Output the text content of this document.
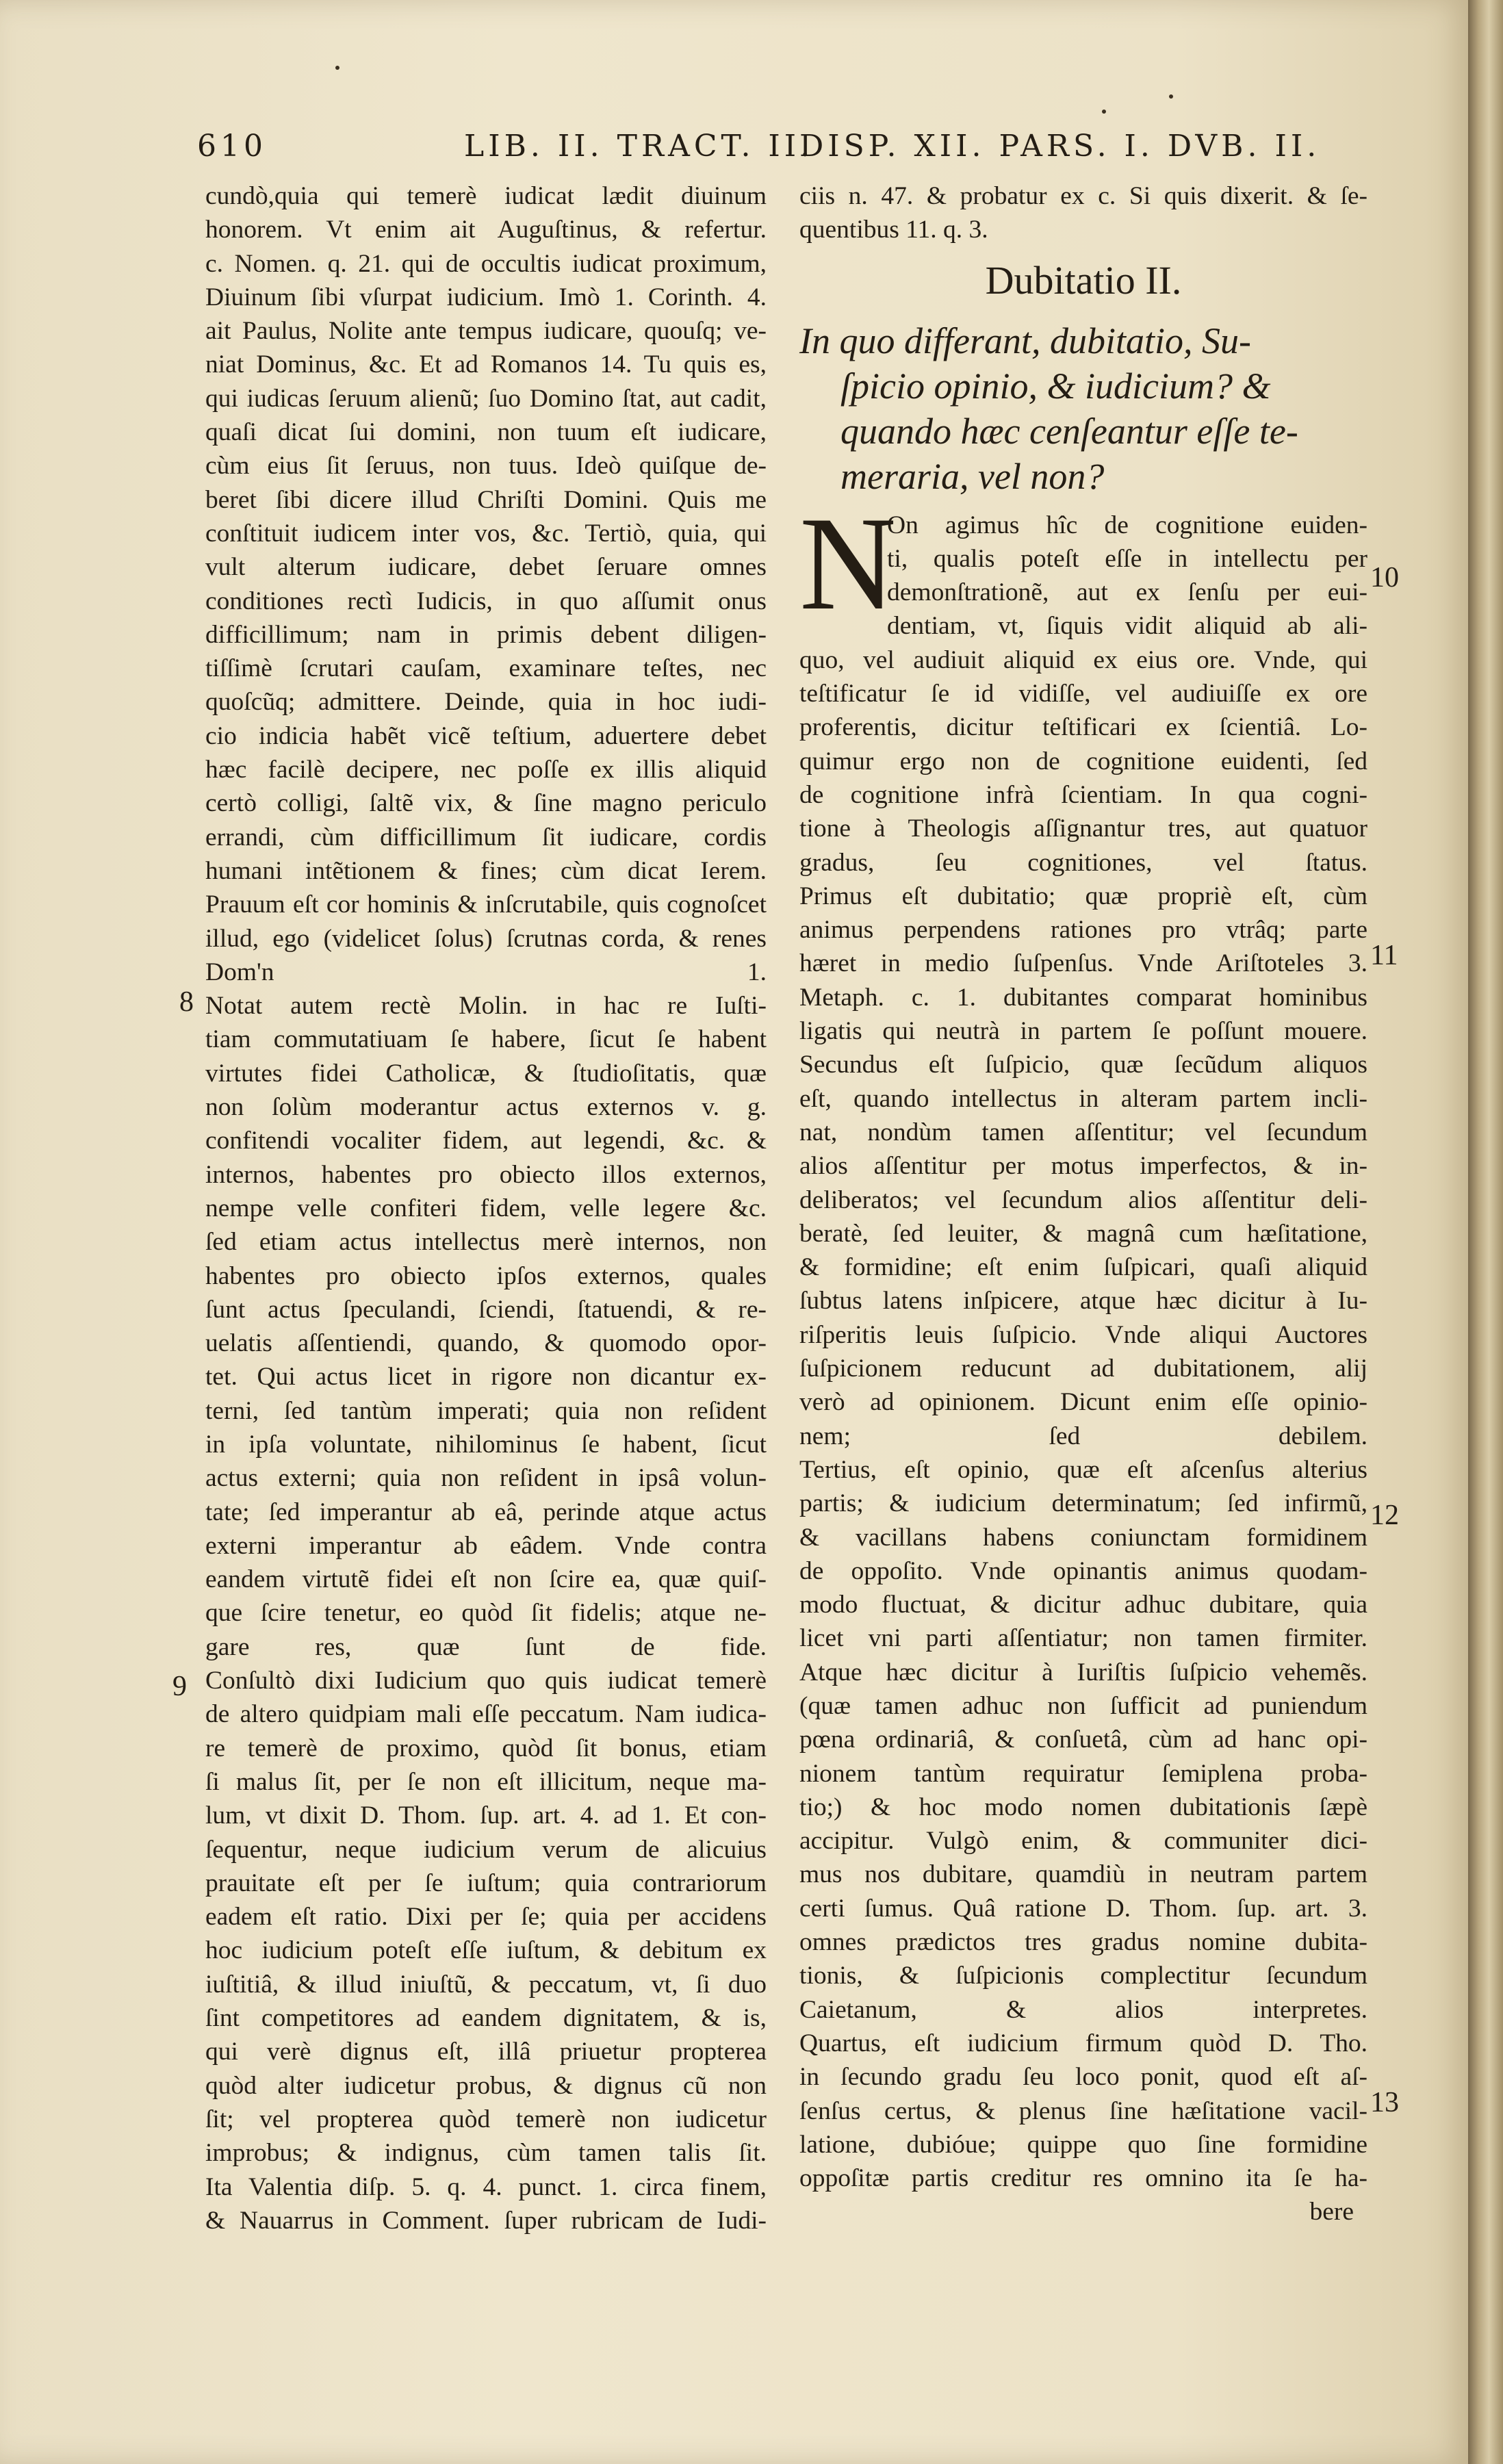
610	LIB. II. TRACT. II.
DISP. XII. PARS. I. DVB. II.
cundò,quia qui temerè iudicat lædit diuinum
honorem. Vt enim ait Auguſtinus, & refertur.
c. Nomen. q. 21. qui de occultis iudicat proximum,
Diuinum ſibi vſurpat iudicium. Imò 1. Corinth. 4.
ait Paulus, Nolite ante tempus iudicare, quouſq; ve-
niat Dominus, &c. Et ad Romanos 14. Tu quis es,
qui iudicas ſeruum alienũ; ſuo Domino ſtat, aut cadit,
quaſi dicat ſui domini, non tuum eſt iudicare,
cùm eius ſit ſeruus, non tuus. Ideò quiſque de-
beret ſibi dicere illud Chriſti Domini. Quis me
conſtituit iudicem inter vos, &c. Tertiò, quia, qui
vult alterum iudicare, debet ſeruare omnes
conditiones rectì Iudicis, in quo aſſumit onus
difficillimum; nam in primis debent diligen-
tiſſimè ſcrutari cauſam, examinare teſtes, nec
quoſcũq; admittere. Deinde, quia in hoc iudi-
cio indicia habẽt vicẽ teſtium, aduertere debet
hæc facilè decipere, nec poſſe ex illis aliquid
certò colligi, ſaltẽ vix, & ſine magno periculo
errandi, cùm difficillimum ſit iudicare, cordis
humani intẽtionem & fines; cùm dicat Ierem.
Prauum eſt cor hominis & inſcrutabile, quis cognoſcet
illud, ego (videlicet ſolus) ſcrutnas corda, & renes
Dom'n 1.
Notat autem rectè Molin. in hac re Iuſti-
tiam commutatiuam ſe habere, ſicut ſe habent
virtutes fidei Catholicæ, & ſtudioſitatis, quæ
non ſolùm moderantur actus externos v. g.
confitendi vocaliter fidem, aut legendi, &c. &
internos, habentes pro obiecto illos externos,
nempe velle confiteri fidem, velle legere &c.
ſed etiam actus intellectus merè internos, non
habentes pro obiecto ipſos externos, quales
ſunt actus ſpeculandi, ſciendi, ſtatuendi, & re-
uelatis aſſentiendi, quando, & quomodo opor-
tet. Qui actus licet in rigore non dicantur ex-
terni, ſed tantùm imperati; quia non reſident
in ipſa voluntate, nihilominus ſe habent, ſicut
actus externi; quia non reſident in ipsâ volun-
tate; ſed imperantur ab eâ, perinde atque actus
externi imperantur ab eâdem. Vnde contra
eandem virtutẽ fidei eſt non ſcire ea, quæ quiſ-
que ſcire tenetur, eo quòd ſit fidelis; atque ne-
gare res, quæ ſunt de fide.
Conſultò dixi Iudicium quo quis iudicat temerè
de altero quidpiam mali eſſe peccatum. Nam iudica-
re temerè de proximo, quòd ſit bonus, etiam
ſi malus ſit, per ſe non eſt illicitum, neque ma-
lum, vt dixit D. Thom. ſup. art. 4. ad 1. Et con-
ſequentur, neque iudicium verum de alicuius
prauitate eſt per ſe iuſtum; quia contrariorum
eadem eſt ratio. Dixi per ſe; quia per accidens
hoc iudicium poteſt eſſe iuſtum, & debitum ex
iuſtitiâ, & illud iniuſtũ, & peccatum, vt, ſi duo
ſint competitores ad eandem dignitatem, & is,
qui verè dignus eſt, illâ priuetur propterea
quòd alter iudicetur probus, & dignus cũ non
ſit; vel propterea quòd temerè non iudicetur
improbus; & indignus, cùm tamen talis ſit.
Ita Valentia diſp. 5. q. 4. punct. 1. circa finem,
& Nauarrus in Comment. ſuper rubricam de Iudi-
ciis n. 47. & probatur ex c. Si quis dixerit. & ſe-
quentibus 11. q. 3.
Dubitatio II.
In quo differant, dubitatio, Su-
ſpicio opinio, & iudicium? &
quando hæc cenſeantur eſſe te-
meraria, vel non?
N
On agimus hîc de cognitione euiden-
ti, qualis poteſt eſſe in intellectu per
demonſtrationẽ, aut ex ſenſu per eui-
dentiam, vt, ſiquis vidit aliquid ab ali-
quo, vel audiuit aliquid ex eius ore. Vnde, qui
teſtificatur ſe id vidiſſe, vel audiuiſſe ex ore
proferentis, dicitur teſtificari ex ſcientiâ. Lo-
quimur ergo non de cognitione euidenti, ſed
de cognitione infrà ſcientiam. In qua cogni-
tione à Theologis aſſignantur tres, aut quatuor
gradus, ſeu cognitiones, vel ſtatus.
Primus eſt dubitatio; quæ propriè eſt, cùm
animus perpendens rationes pro vtrâq; parte
hæret in medio ſuſpenſus. Vnde Ariſtoteles 3.
Metaph. c. 1. dubitantes comparat hominibus
ligatis qui neutrà in partem ſe poſſunt mouere.
Secundus eſt ſuſpicio, quæ ſecũdum aliquos
eſt, quando intellectus in alteram partem incli-
nat, nondùm tamen aſſentitur; vel ſecundum
alios aſſentitur per motus imperfectos, & in-
deliberatos; vel ſecundum alios aſſentitur deli-
beratè, ſed leuiter, & magnâ cum hæſitatione,
& formidine; eſt enim ſuſpicari, quaſi aliquid
ſubtus latens inſpicere, atque hæc dicitur à Iu-
riſperitis leuis ſuſpicio. Vnde aliqui Auctores
ſuſpicionem reducunt ad dubitationem, alij
verò ad opinionem. Dicunt enim eſſe opinio-
nem; ſed debilem.
Tertius, eſt opinio, quæ eſt aſcenſus alterius
partis; & iudicium determinatum; ſed infirmũ,
& vacillans habens coniunctam formidinem
de oppoſito. Vnde opinantis animus quodam-
modo fluctuat, & dicitur adhuc dubitare, quia
licet vni parti aſſentiatur; non tamen firmiter.
Atque hæc dicitur à Iuriſtis ſuſpicio vehemẽs.
(quæ tamen adhuc non ſufficit ad puniendum
pœna ordinariâ, & conſuetâ, cùm ad hanc opi-
nionem tantùm requiratur ſemiplena proba-
tio;) & hoc modo nomen dubitationis ſæpè
accipitur. Vulgò enim, & communiter dici-
mus nos dubitare, quamdiù in neutram partem
certi ſumus. Quâ ratione D. Thom. ſup. art. 3.
omnes prædictos tres gradus nomine dubita-
tionis, & ſuſpicionis complectitur ſecundum
Caietanum, & alios interpretes.
Quartus, eſt iudicium firmum quòd D. Tho.
in ſecundo gradu ſeu loco ponit, quod eſt aſ-
ſenſus certus, & plenus ſine hæſitatione vacil-
latione, dubióue; quippe quo ſine formidine
oppoſitæ partis creditur res omnino ita ſe ha-
bere
8
9
10
11
12
13
